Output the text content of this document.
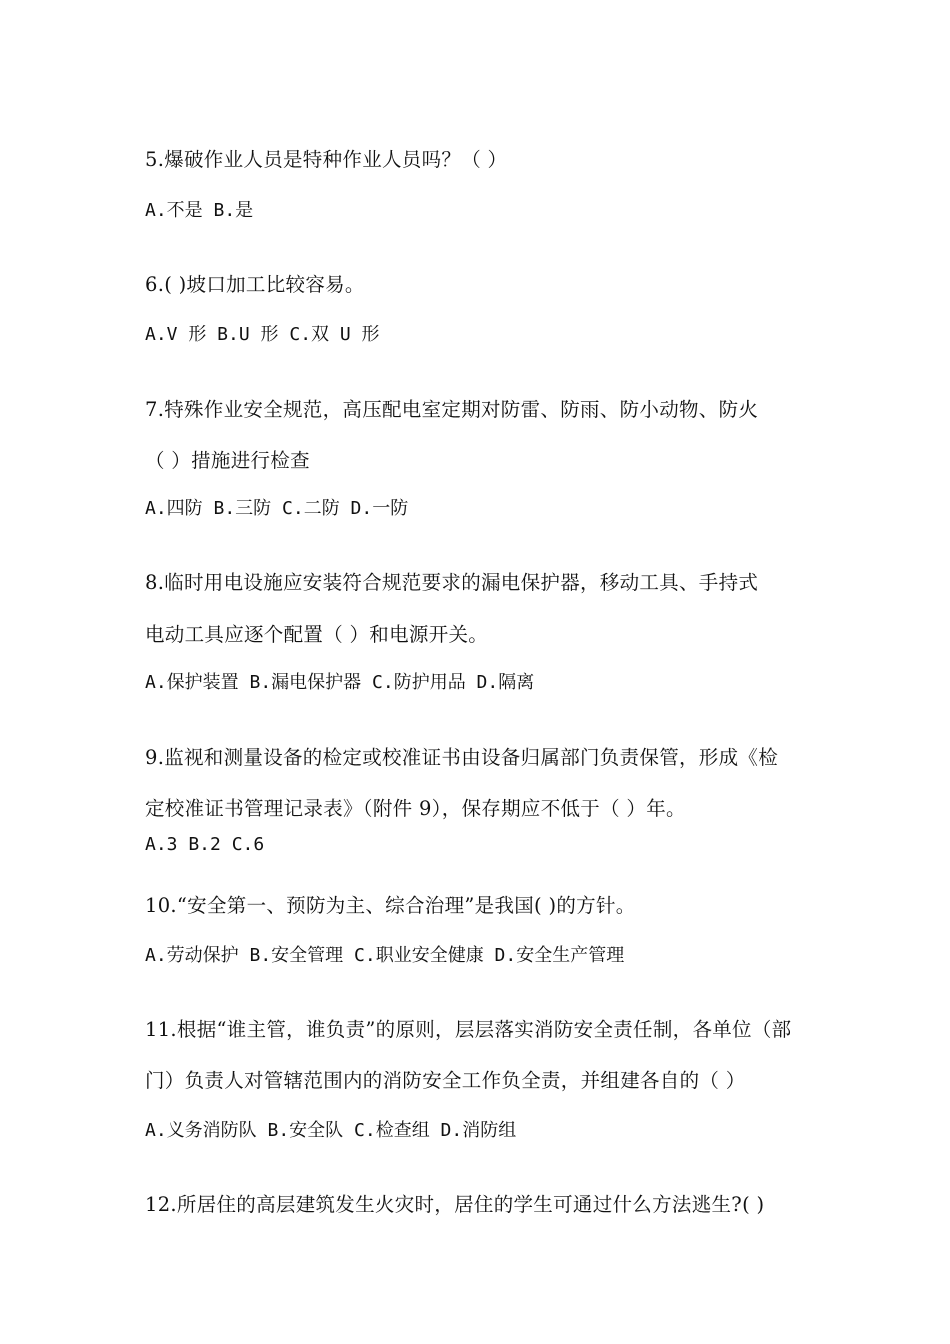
5.爆破作业人员是特种作业人员吗？（ ）
A.不是 B.是
6.( )坡口加工比较容易。
A.V 形 B.U 形 C.双 U 形
7.特殊作业安全规范，高压配电室定期对防雷、防雨、防小动物、防火
（ ）措施进行检查
A.四防 B.三防 C.二防 D.一防
8.临时用电设施应安装符合规范要求的漏电保护器，移动工具、手持式
电动工具应逐个配置（ ）和电源开关。
A.保护装置 B.漏电保护器 C.防护用品 D.隔离
9.监视和测量设备的检定或校准证书由设备归属部门负责保管，形成《检
定校准证书管理记录表》（附件 9），保存期应不低于（ ）年。
A.3 B.2 C.6
10.“安全第一、预防为主、综合治理”是我国( )的方针。
A.劳动保护 B.安全管理 C.职业安全健康 D.安全生产管理
11.根据“谁主管，谁负责”的原则，层层落实消防安全责任制，各单位（部
门）负责人对管辖范围内的消防安全工作负全责，并组建各自的（ ）
A.义务消防队 B.安全队 C.检查组 D.消防组
12.所居住的高层建筑发生火灾时，居住的学生可通过什么方法逃生?( )
